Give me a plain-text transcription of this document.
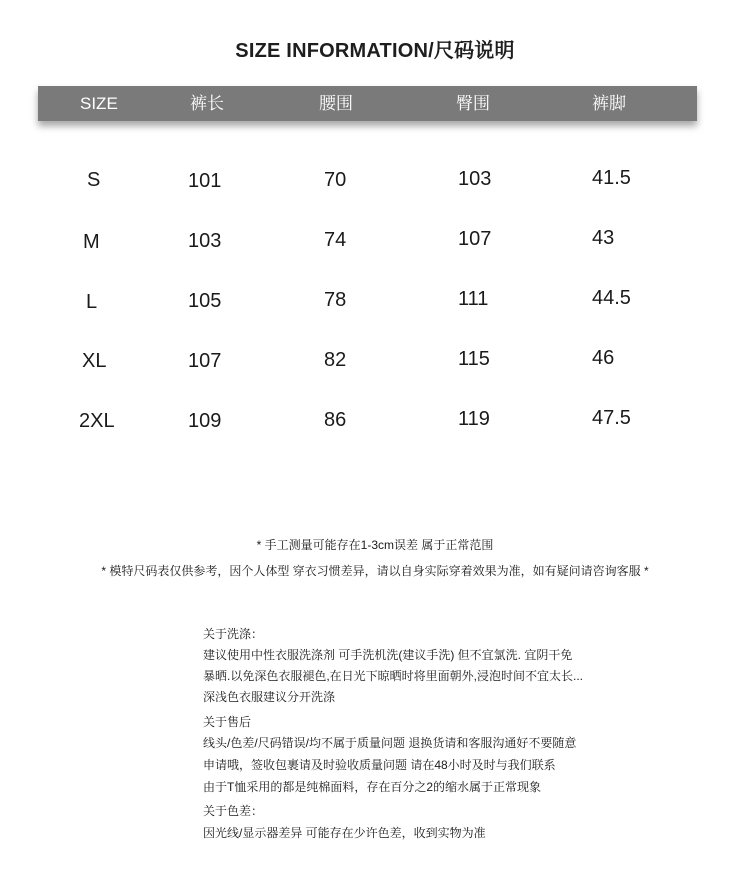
SIZE INFORMATION/尺码说明
SIZE	裤长	腰围	臀围	裤脚
S	101	70	103	41.5
M	103	74	107	43
L	105	78	111	44.5
XL	107	82	115	46
2XL	109	86	119	47.5
* 手工测量可能存在1-3cm误差 属于正常范围
* 模特尺码表仅供参考，因个人体型 穿衣习惯差异，请以自身实际穿着效果为准，如有疑问请咨询客服 *
关于洗涤：
建议使用中性衣服洗涤剂 可手洗机洗(建议手洗) 但不宜氯洗. 宜阴干免
暴晒.以免深色衣服褪色,在日光下晾晒时将里面朝外,浸泡时间不宜太长...
深浅色衣服建议分开洗涤
关于售后
线头/色差/尺码错误/均不属于质量问题 退换货请和客服沟通好不要随意
申请哦，签收包裹请及时验收质量问题 请在48小时及时与我们联系
由于T恤采用的都是纯棉面料，存在百分之2的缩水属于正常现象
关于色差：
因光线/显示器差异 可能存在少许色差，收到实物为准
